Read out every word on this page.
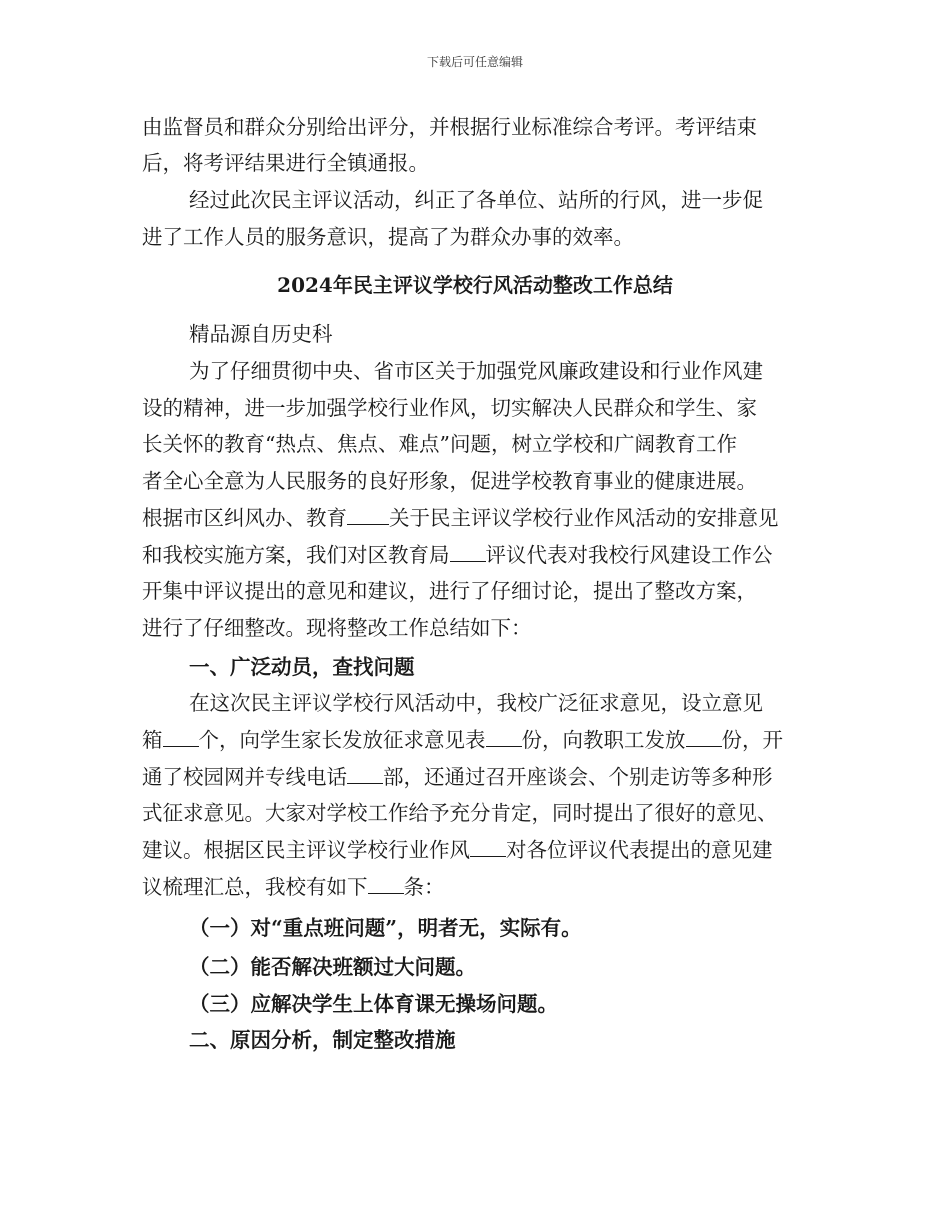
下载后可任意编辑
由监督员和群众分别给出评分，并根据行业标准综合考评。考评结束
后，将考评结果进行全镇通报。
经过此次民主评议活动，纠正了各单位、站所的行风，进一步促
进了工作人员的服务意识，提高了为群众办事的效率。
2024年民主评议学校行风活动整改工作总结
精品源自历史科
为了仔细贯彻中央、省市区关于加强党风廉政建设和行业作风建
设的精神，进一步加强学校行业作风，切实解决人民群众和学生、家
长关怀的教育“热点、焦点、难点”问题，树立学校和广阔教育工作
者全心全意为人民服务的良好形象，促进学校教育事业的健康进展。
根据市区纠风办、教育 关于民主评议学校行业作风活动的安排意见
和我校实施方案，我们对区教育局 评议代表对我校行风建设工作公
开集中评议提出的意见和建议，进行了仔细讨论，提出了整改方案，
进行了仔细整改。现将整改工作总结如下：
一、广泛动员，查找问题
在这次民主评议学校行风活动中，我校广泛征求意见，设立意见
箱 个，向学生家长发放征求意见表 份，向教职工发放 份，开
通了校园网并专线电话 部，还通过召开座谈会、个别走访等多种形
式征求意见。大家对学校工作给予充分肯定，同时提出了很好的意见、
建议。根据区民主评议学校行业作风 对各位评议代表提出的意见建
议梳理汇总，我校有如下 条：
（一）对“重点班问题”，明者无，实际有。
（二）能否解决班额过大问题。
（三）应解决学生上体育课无操场问题。
二、原因分析，制定整改措施
